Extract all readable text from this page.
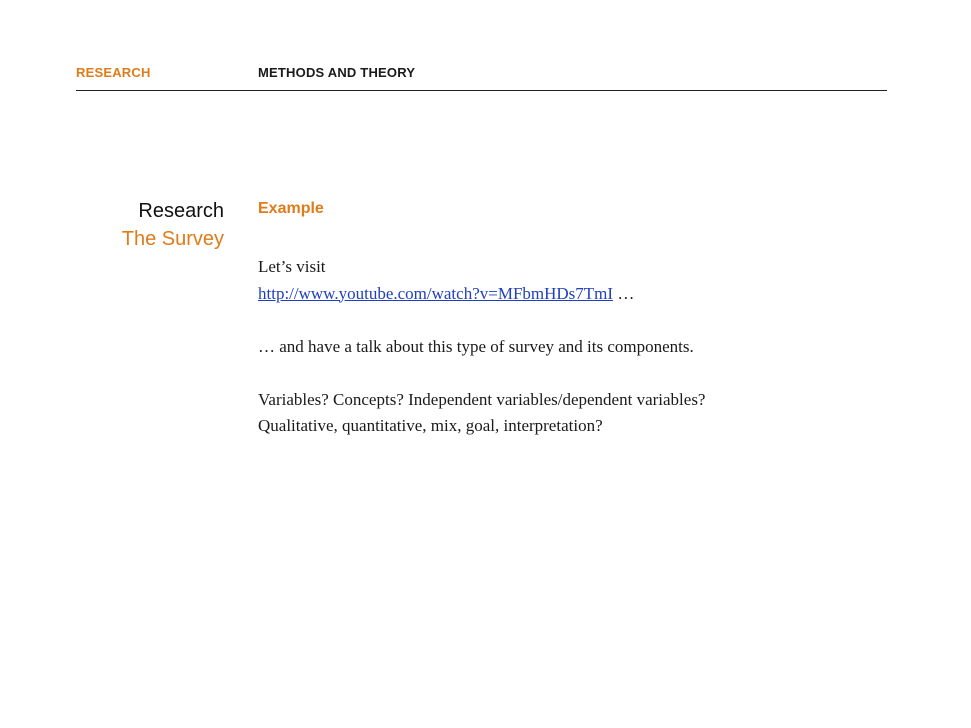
RESEARCH	METHODS AND THEORY
Research
The Survey
Example
Let’s visit
http://www.youtube.com/watch?v=MFbmHDs7TmI …
… and have a talk about this type of survey and its components.
Variables? Concepts? Independent variables/dependent variables?
Qualitative, quantitative, mix, goal, interpretation?
